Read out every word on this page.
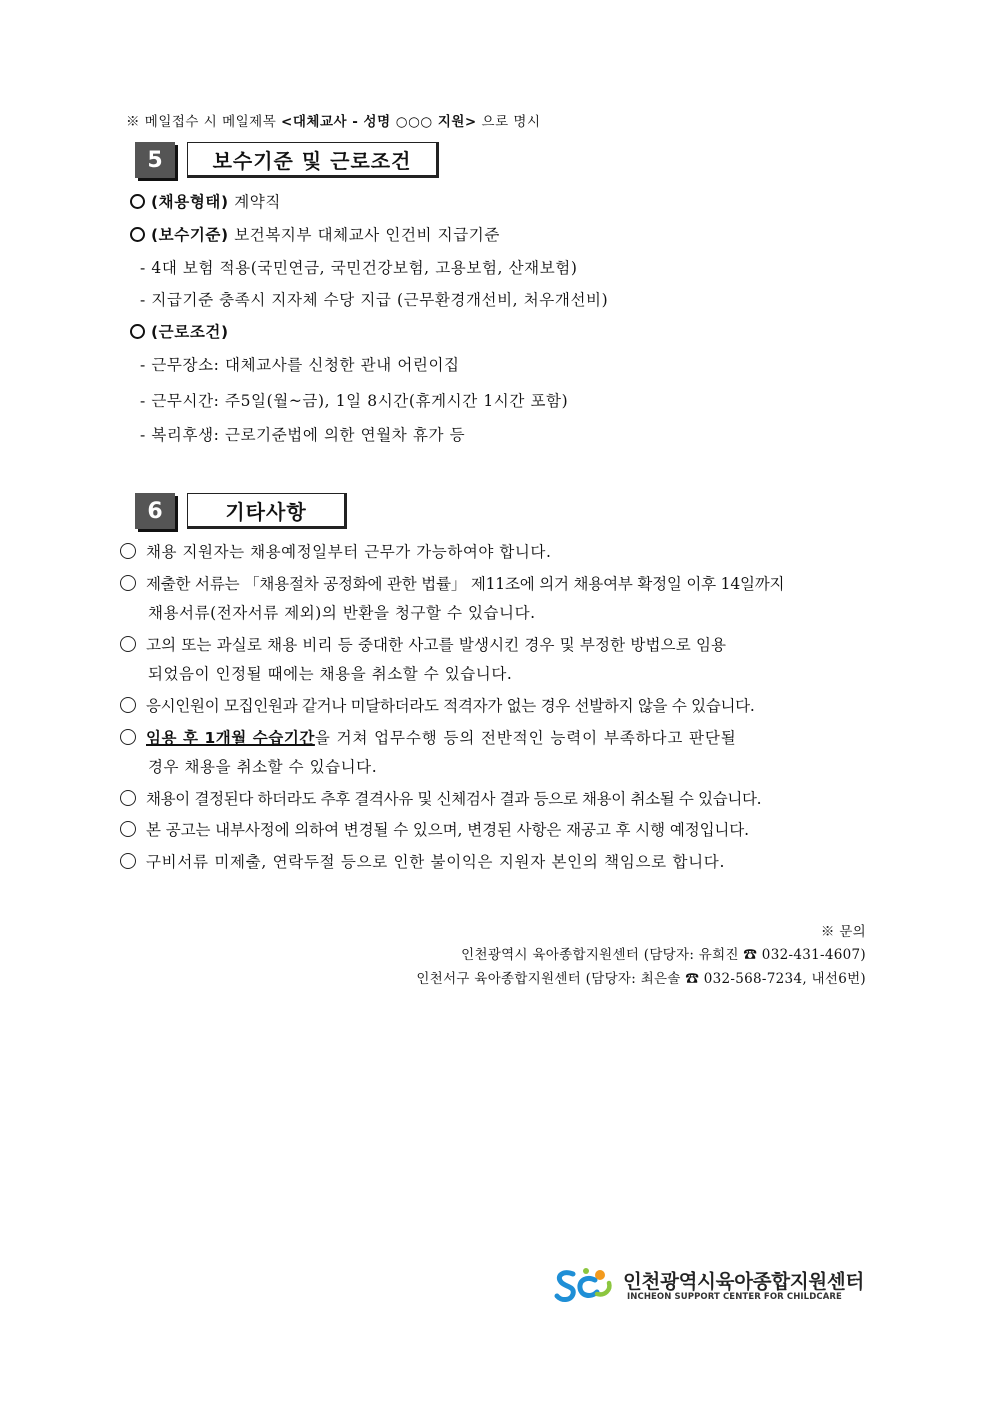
※ 메일접수 시 메일제목 <대체교사 - 성명 ○○○ 지원> 으로 명시
5	보수기준 및 근로조건
(채용형태) 계약직
(보수기준) 보건복지부 대체교사 인건비 지급기준
- 4대 보험 적용(국민연금, 국민건강보험, 고용보험, 산재보험)
- 지급기준 충족시 지자체 수당 지급 (근무환경개선비, 처우개선비)
(근로조건)
- 근무장소: 대체교사를 신청한 관내 어린이집
- 근무시간: 주5일(월~금), 1일 8시간(휴게시간 1시간 포함)
- 복리후생: 근로기준법에 의한 연월차 휴가 등
6	기타사항
채용 지원자는 채용예정일부터 근무가 가능하여야 합니다.
제출한 서류는 「채용절차 공정화에 관한 법률」 제11조에 의거 채용여부 확정일 이후 14일까지
채용서류(전자서류 제외)의 반환을 청구할 수 있습니다.
고의 또는 과실로 채용 비리 등 중대한 사고를 발생시킨 경우 및 부정한 방법으로 임용
되었음이 인정될 때에는 채용을 취소할 수 있습니다.
응시인원이 모집인원과 같거나 미달하더라도 적격자가 없는 경우 선발하지 않을 수 있습니다.
임용 후 1개월 수습기간을 거쳐 업무수행 등의 전반적인 능력이 부족하다고 판단될
경우 채용을 취소할 수 있습니다.
채용이 결정된다 하더라도 추후 결격사유 및 신체검사 결과 등으로 채용이 취소될 수 있습니다.
본 공고는 내부사정에 의하여 변경될 수 있으며, 변경된 사항은 재공고 후 시행 예정입니다.
구비서류 미제출, 연락두절 등으로 인한 불이익은 지원자 본인의 책임으로 합니다.
※ 문의
인천광역시 육아종합지원센터 (담당자: 유희진 ☎ 032-431-4607)
인천서구 육아종합지원센터 (담당자: 최은솔 ☎ 032-568-7234, 내선6번)
인천광역시육아종합지원센터
INCHEON SUPPORT CENTER FOR CHILDCARE
